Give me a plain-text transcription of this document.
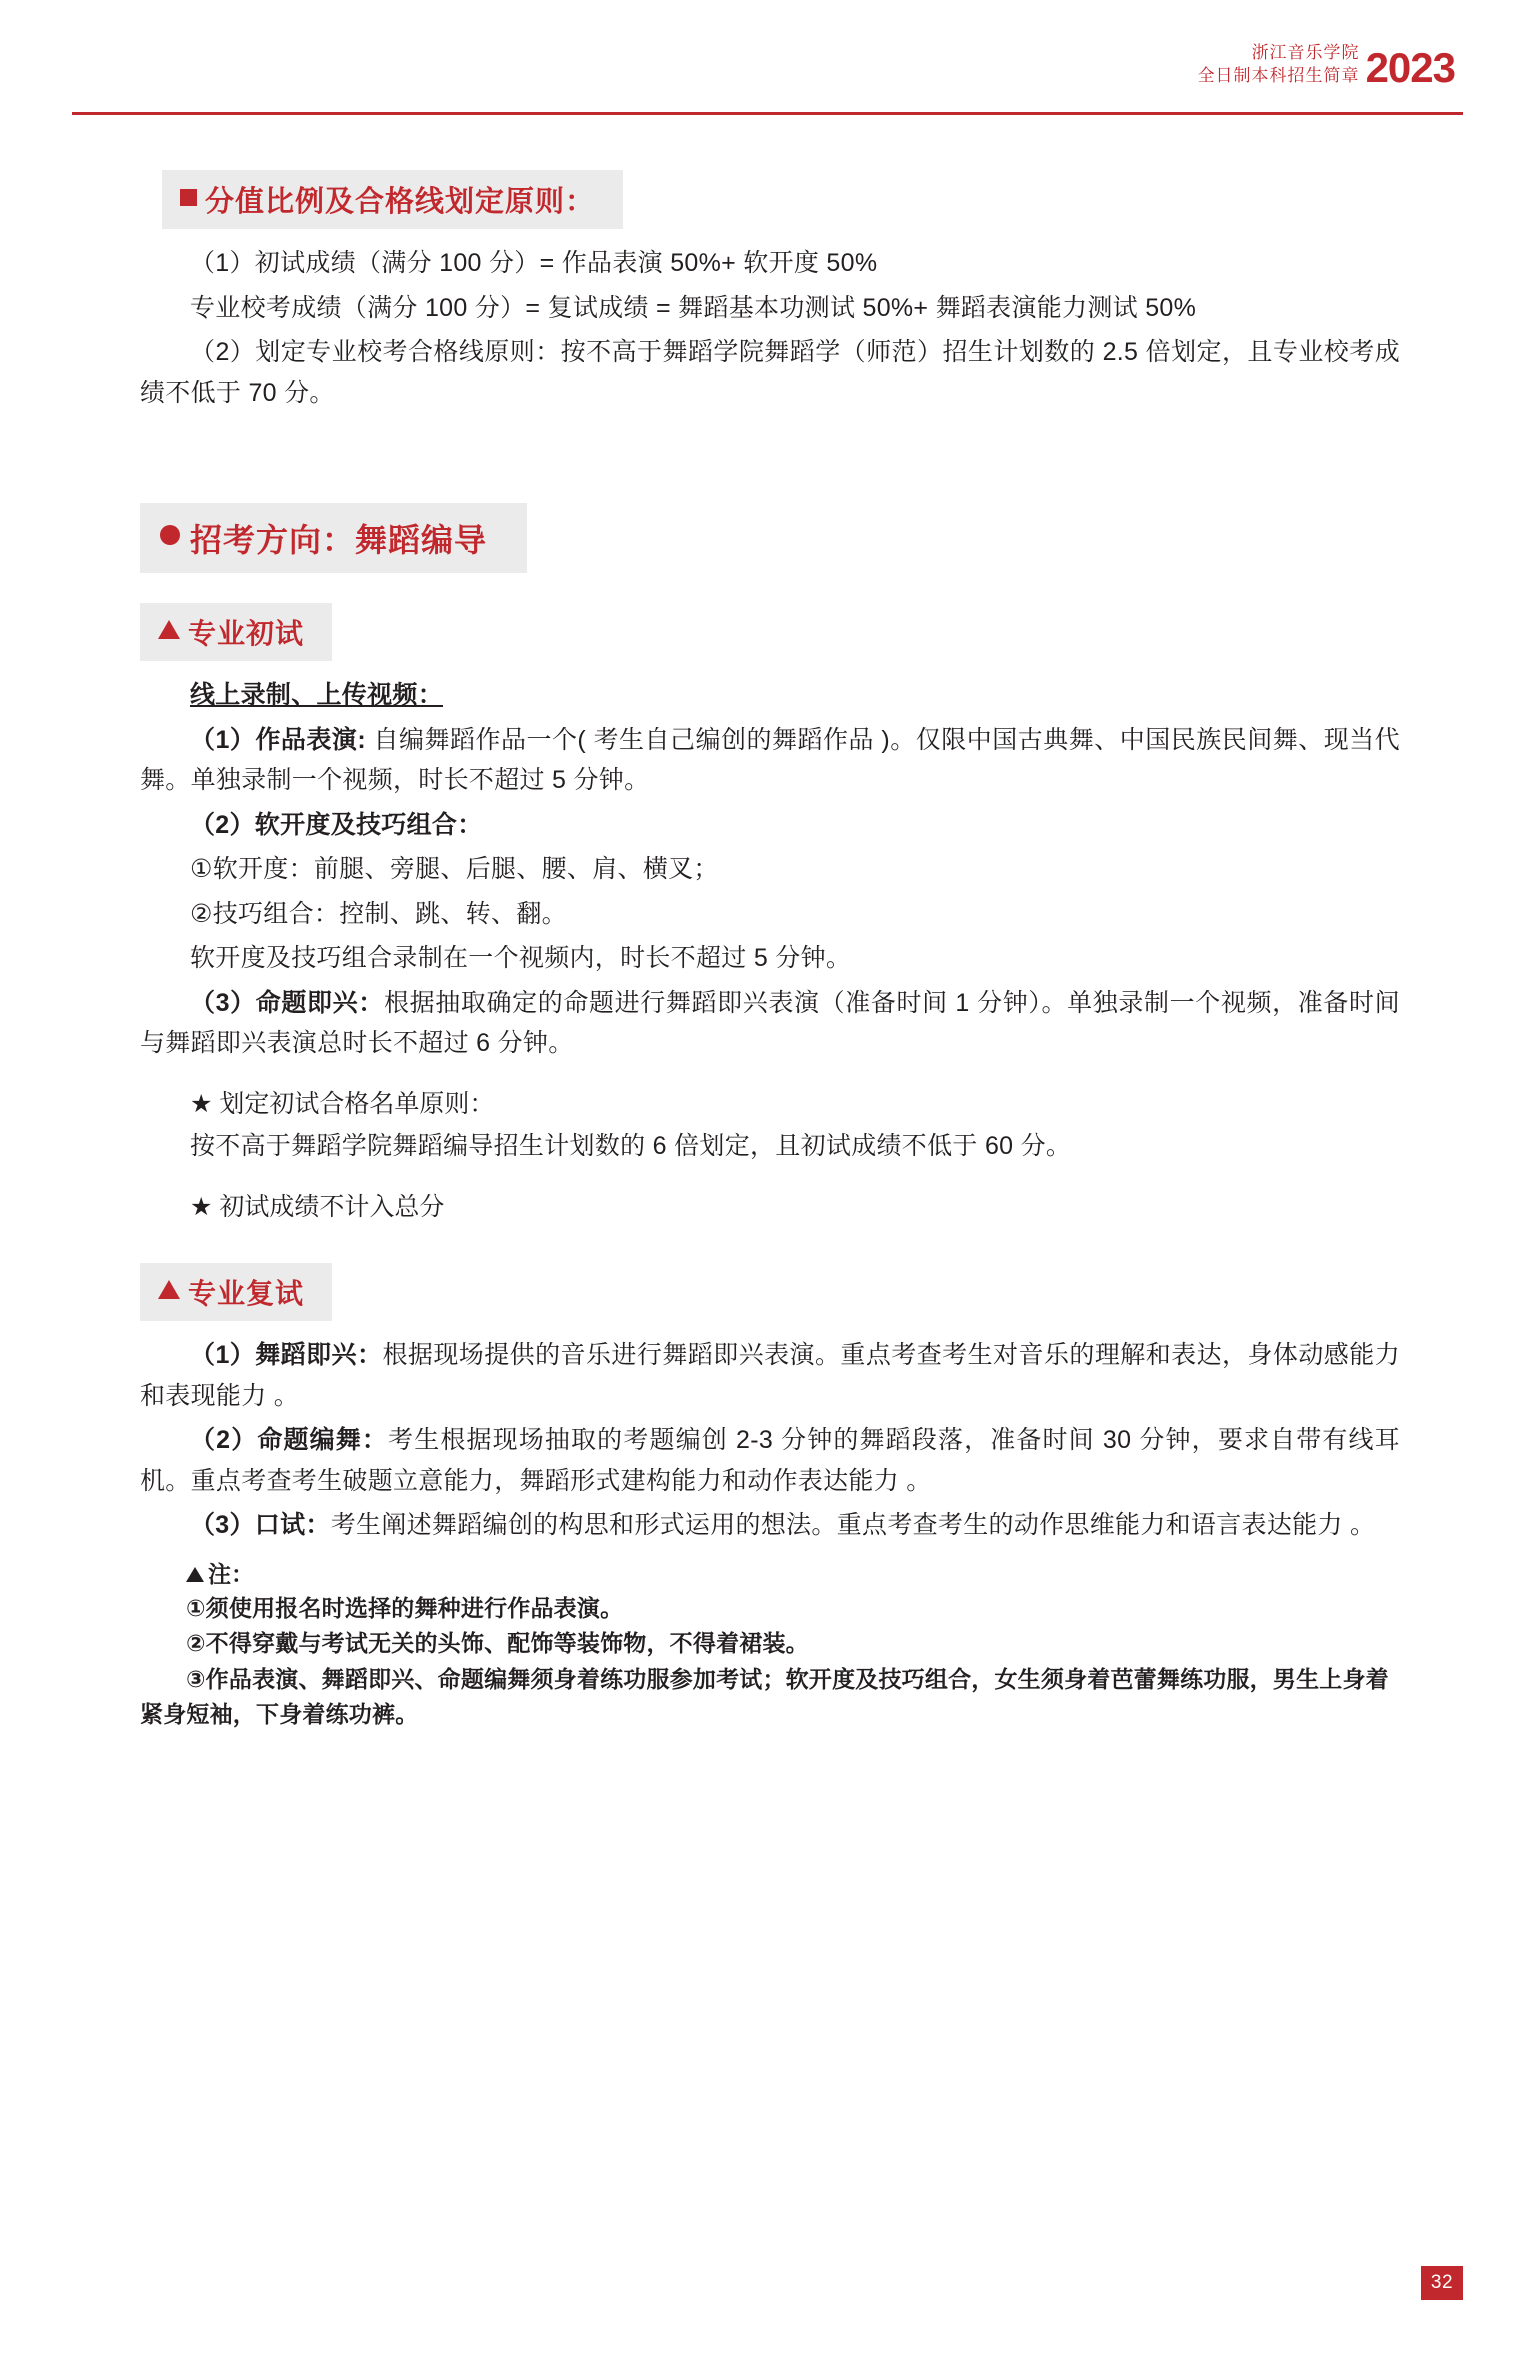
浙江音乐学院
全日制本科招生简章 2023
分值比例及合格线划定原则：

（1）初试成绩（满分 100 分）= 作品表演 50%+ 软开度 50%

专业校考成绩（满分 100 分）= 复试成绩 = 舞蹈基本功测试 50%+ 舞蹈表演能力测试 50%

（2）划定专业校考合格线原则：按不高于舞蹈学院舞蹈学（师范）招生计划数的 2.5 倍划定，且专业校考成绩不低于 70 分。

招考方向：舞蹈编导
专业初试

线上录制、上传视频：

（1）作品表演: 自编舞蹈作品一个( 考生自己编创的舞蹈作品 )。仅限中国古典舞、中国民族民间舞、现当代舞。单独录制一个视频，时长不超过 5 分钟。

（2）软开度及技巧组合：

①软开度：前腿、旁腿、后腿、腰、肩、横叉；

②技巧组合：控制、跳、转、翻。

软开度及技巧组合录制在一个视频内，时长不超过 5 分钟。

（3）命题即兴：根据抽取确定的命题进行舞蹈即兴表演（准备时间 1 分钟）。单独录制一个视频，准备时间与舞蹈即兴表演总时长不超过 6 分钟。

★ 划定初试合格名单原则：

按不高于舞蹈学院舞蹈编导招生计划数的 6 倍划定，且初试成绩不低于 60 分。

★ 初试成绩不计入总分

专业复试

（1）舞蹈即兴：根据现场提供的音乐进行舞蹈即兴表演。重点考查考生对音乐的理解和表达，身体动感能力和表现能力 。

（2）命题编舞：考生根据现场抽取的考题编创 2-3 分钟的舞蹈段落，准备时间 30 分钟，要求自带有线耳机。重点考查考生破题立意能力，舞蹈形式建构能力和动作表达能力 。

（3）口试：考生阐述舞蹈编创的构思和形式运用的想法。重点考查考生的动作思维能力和语言表达能力 。

注：

①须使用报名时选择的舞种进行作品表演。

②不得穿戴与考试无关的头饰、配饰等装饰物，不得着裙装。

③作品表演、舞蹈即兴、命题编舞须身着练功服参加考试；软开度及技巧组合，女生须身着芭蕾舞练功服，男生上身着紧身短袖，下身着练功裤。

32
